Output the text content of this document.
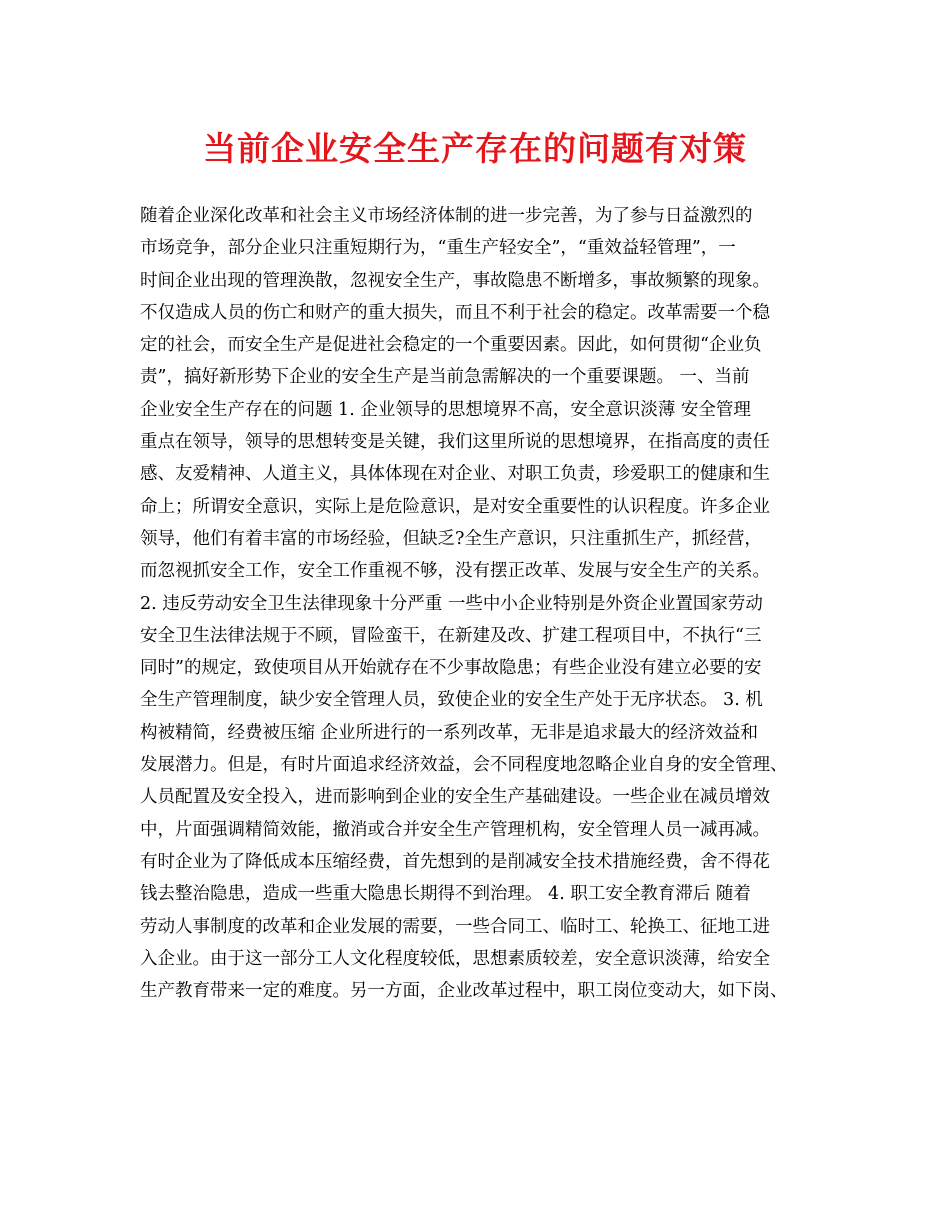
当前企业安全生产存在的问题有对策
随着企业深化改革和社会主义市场经济体制的进一步完善，为了参与日益激烈的
市场竞争，部分企业只注重短期行为，“重生产轻安全”，“重效益轻管理”，一
时间企业出现的管理涣散，忽视安全生产，事故隐患不断增多，事故频繁的现象。
不仅造成人员的伤亡和财产的重大损失，而且不利于社会的稳定。改革需要一个稳
定的社会，而安全生产是促进社会稳定的一个重要因素。因此，如何贯彻“企业负
责”，搞好新形势下企业的安全生产是当前急需解决的一个重要课题。 一、当前
企业安全生产存在的问题 1. 企业领导的思想境界不高，安全意识淡薄 安全管理
重点在领导，领导的思想转变是关键，我们这里所说的思想境界，在指高度的责任
感、友爱精神、人道主义，具体体现在对企业、对职工负责，珍爱职工的健康和生
命上；所谓安全意识，实际上是危险意识，是对安全重要性的认识程度。许多企业
领导，他们有着丰富的市场经验，但缺乏?全生产意识，只注重抓生产，抓经营，
而忽视抓安全工作，安全工作重视不够，没有摆正改革、发展与安全生产的关系。
2. 违反劳动安全卫生法律现象十分严重 一些中小企业特别是外资企业置国家劳动
安全卫生法律法规于不顾，冒险蛮干，在新建及改、扩建工程项目中，不执行“三
同时”的规定，致使项目从开始就存在不少事故隐患；有些企业没有建立必要的安
全生产管理制度，缺少安全管理人员，致使企业的安全生产处于无序状态。 3. 机
构被精简，经费被压缩 企业所进行的一系列改革，无非是追求最大的经济效益和
发展潜力。但是，有时片面追求经济效益，会不同程度地忽略企业自身的安全管理、
人员配置及安全投入，进而影响到企业的安全生产基础建设。一些企业在减员增效
中，片面强调精简效能，撤消或合并安全生产管理机构，安全管理人员一减再减。
有时企业为了降低成本压缩经费，首先想到的是削减安全技术措施经费，舍不得花
钱去整治隐患，造成一些重大隐患长期得不到治理。 4. 职工安全教育滞后 随着
劳动人事制度的改革和企业发展的需要，一些合同工、临时工、轮换工、征地工进
入企业。由于这一部分工人文化程度较低，思想素质较差，安全意识淡薄，给安全
生产教育带来一定的难度。另一方面，企业改革过程中，职工岗位变动大，如下岗、
